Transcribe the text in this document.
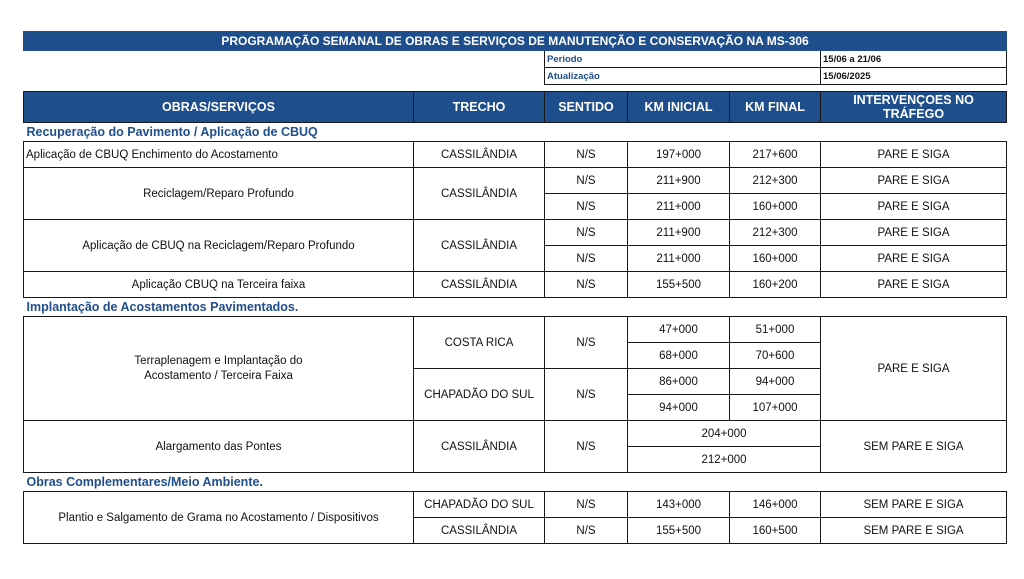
PROGRAMAÇÃO SEMANAL DE OBRAS E SERVIÇOS DE MANUTENÇÃO E CONSERVAÇÃO NA MS-306					
		Período			15/06 a 21/06
		Atualização			15/06/2025

OBRAS/SERVIÇOS	TRECHO	SENTIDO	KM INICIAL	KM FINAL	INTERVENÇOES NO TRÁFEGO
Recuperação do Pavimento / Aplicação de CBUQ					
Aplicação de CBUQ Enchimento do Acostamento	CASSILÂNDIA	N/S	197+000	217+600	PARE E SIGA
Reciclagem/Reparo Profundo	CASSILÂNDIA	N/S	211+900	212+300	PARE E SIGA
		N/S	211+000	160+000	PARE E SIGA
Aplicação de CBUQ na Reciclagem/Reparo Profundo	CASSILÂNDIA	N/S	211+900	212+300	PARE E SIGA
		N/S	211+000	160+000	PARE E SIGA
Aplicação CBUQ na Terceira faixa	CASSILÂNDIA	N/S	155+500	160+200	PARE E SIGA
Implantação de Acostamentos Pavimentados.					
Terraplenagem e Implantação do Acostamento / Terceira Faixa	COSTA RICA	N/S	47+000	51+000	PARE E SIGA
			68+000	70+600	
	CHAPADÃO DO SUL	N/S	86+000	94+000	
			94+000	107+000	
Alargamento das Pontes	CASSILÂNDIA	N/S	204+000		SEM PARE E SIGA
			212+000		
Obras Complementares/Meio Ambiente.					
Plantio e Salgamento de Grama no Acostamento / Dispositivos	CHAPADÃO DO SUL	N/S	143+000	146+000	SEM PARE E SIGA
	CASSILÂNDIA	N/S	155+500	160+500	SEM PARE E SIGA
